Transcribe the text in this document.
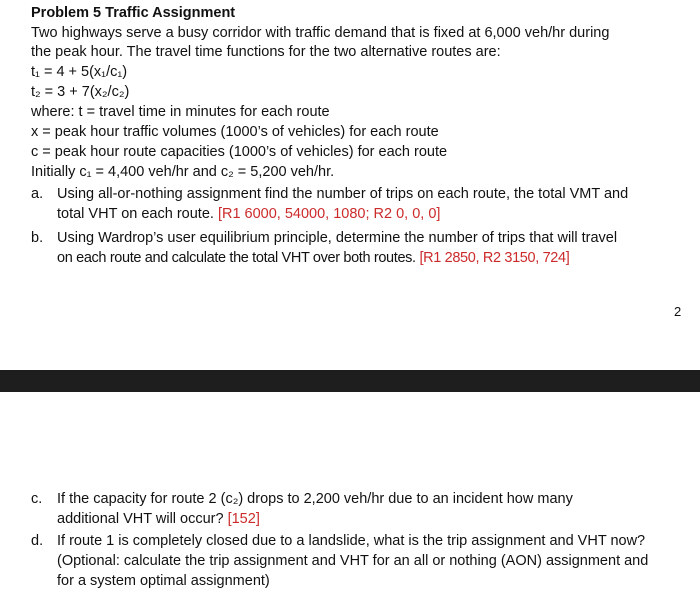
Problem 5 Traffic Assignment
Two highways serve a busy corridor with traffic demand that is fixed at 6,000 veh/hr during
the peak hour. The travel time functions for the two alternative routes are:
t₁ = 4 + 5(x₁/c₁)
t₂ = 3 + 7(x₂/c₂)
where: t = travel time in minutes for each route
x = peak hour traffic volumes (1000’s of vehicles) for each route
c = peak hour route capacities (1000’s of vehicles) for each route
Initially c₁ = 4,400 veh/hr and c₂ = 5,200 veh/hr.
a. Using all-or-nothing assignment find the number of trips on each route, the total VMT and
total VHT on each route. [R1 6000, 54000, 1080; R2 0, 0, 0]
b. Using Wardrop’s user equilibrium principle, determine the number of trips that will travel
on each route and calculate the total VHT over both routes. [R1 2850, R2 3150, 724]
2
c. If the capacity for route 2 (c₂) drops to 2,200 veh/hr due to an incident how many
additional VHT will occur? [152]
d. If route 1 is completely closed due to a landslide, what is the trip assignment and VHT now?
(Optional: calculate the trip assignment and VHT for an all or nothing (AON) assignment and
for a system optimal assignment)
